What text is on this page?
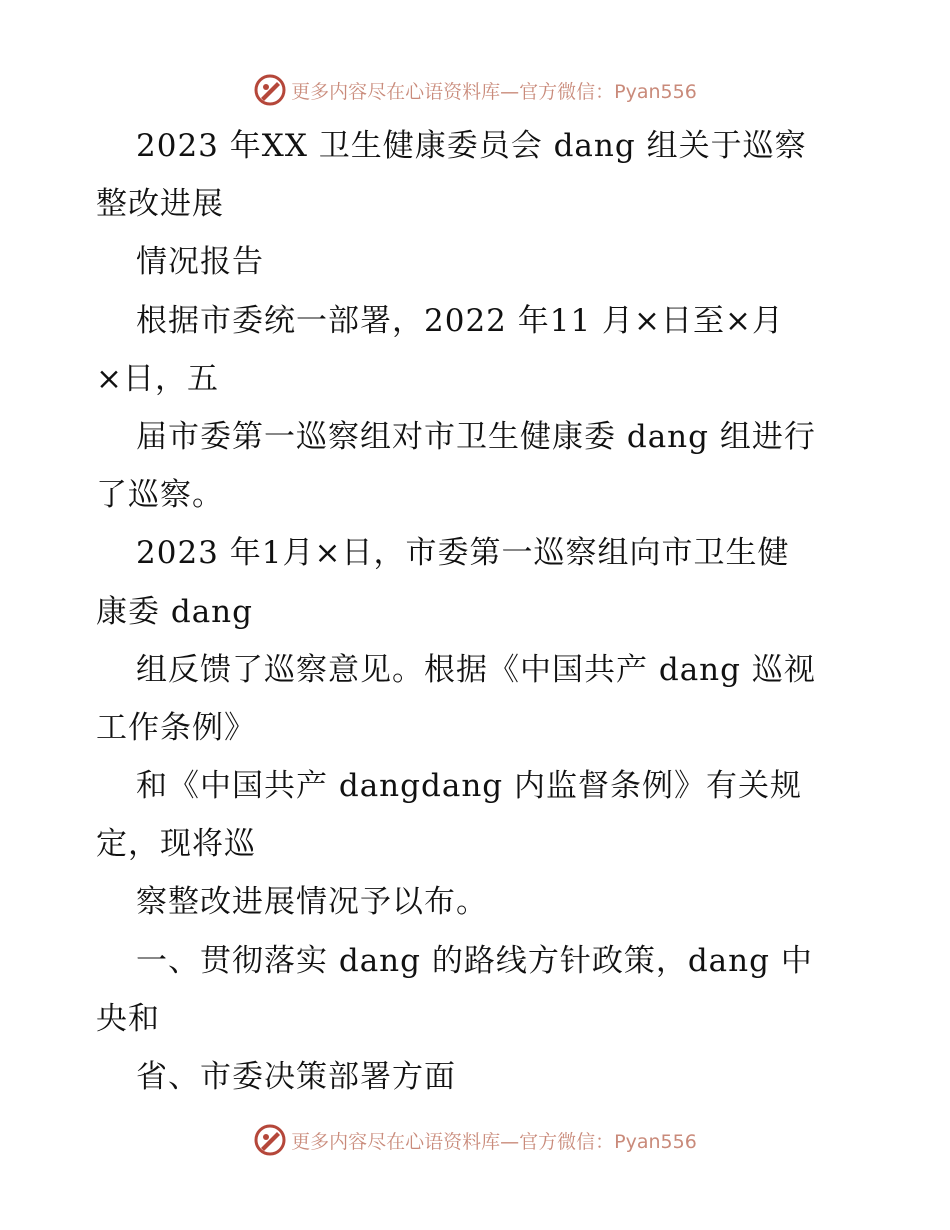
更多内容尽在心语资料库—官方微信：Pyan556
2023 年XX 卫生健康委员会 dang 组关于巡察
整改进展
情况报告
根据市委统一部署，2022 年11 月×日至×月
×日，五
届市委第一巡察组对市卫生健康委 dang 组进行
了巡察。
2023 年1月×日，市委第一巡察组向市卫生健
康委 dang
组反馈了巡察意见。根据《中国共产 dang 巡视
工作条例》
和《中国共产 dangdang 内监督条例》有关规
定，现将巡
察整改进展情况予以布。
一、贯彻落实 dang 的路线方针政策，dang 中
央和
省、市委决策部署方面
更多内容尽在心语资料库—官方微信：Pyan556
